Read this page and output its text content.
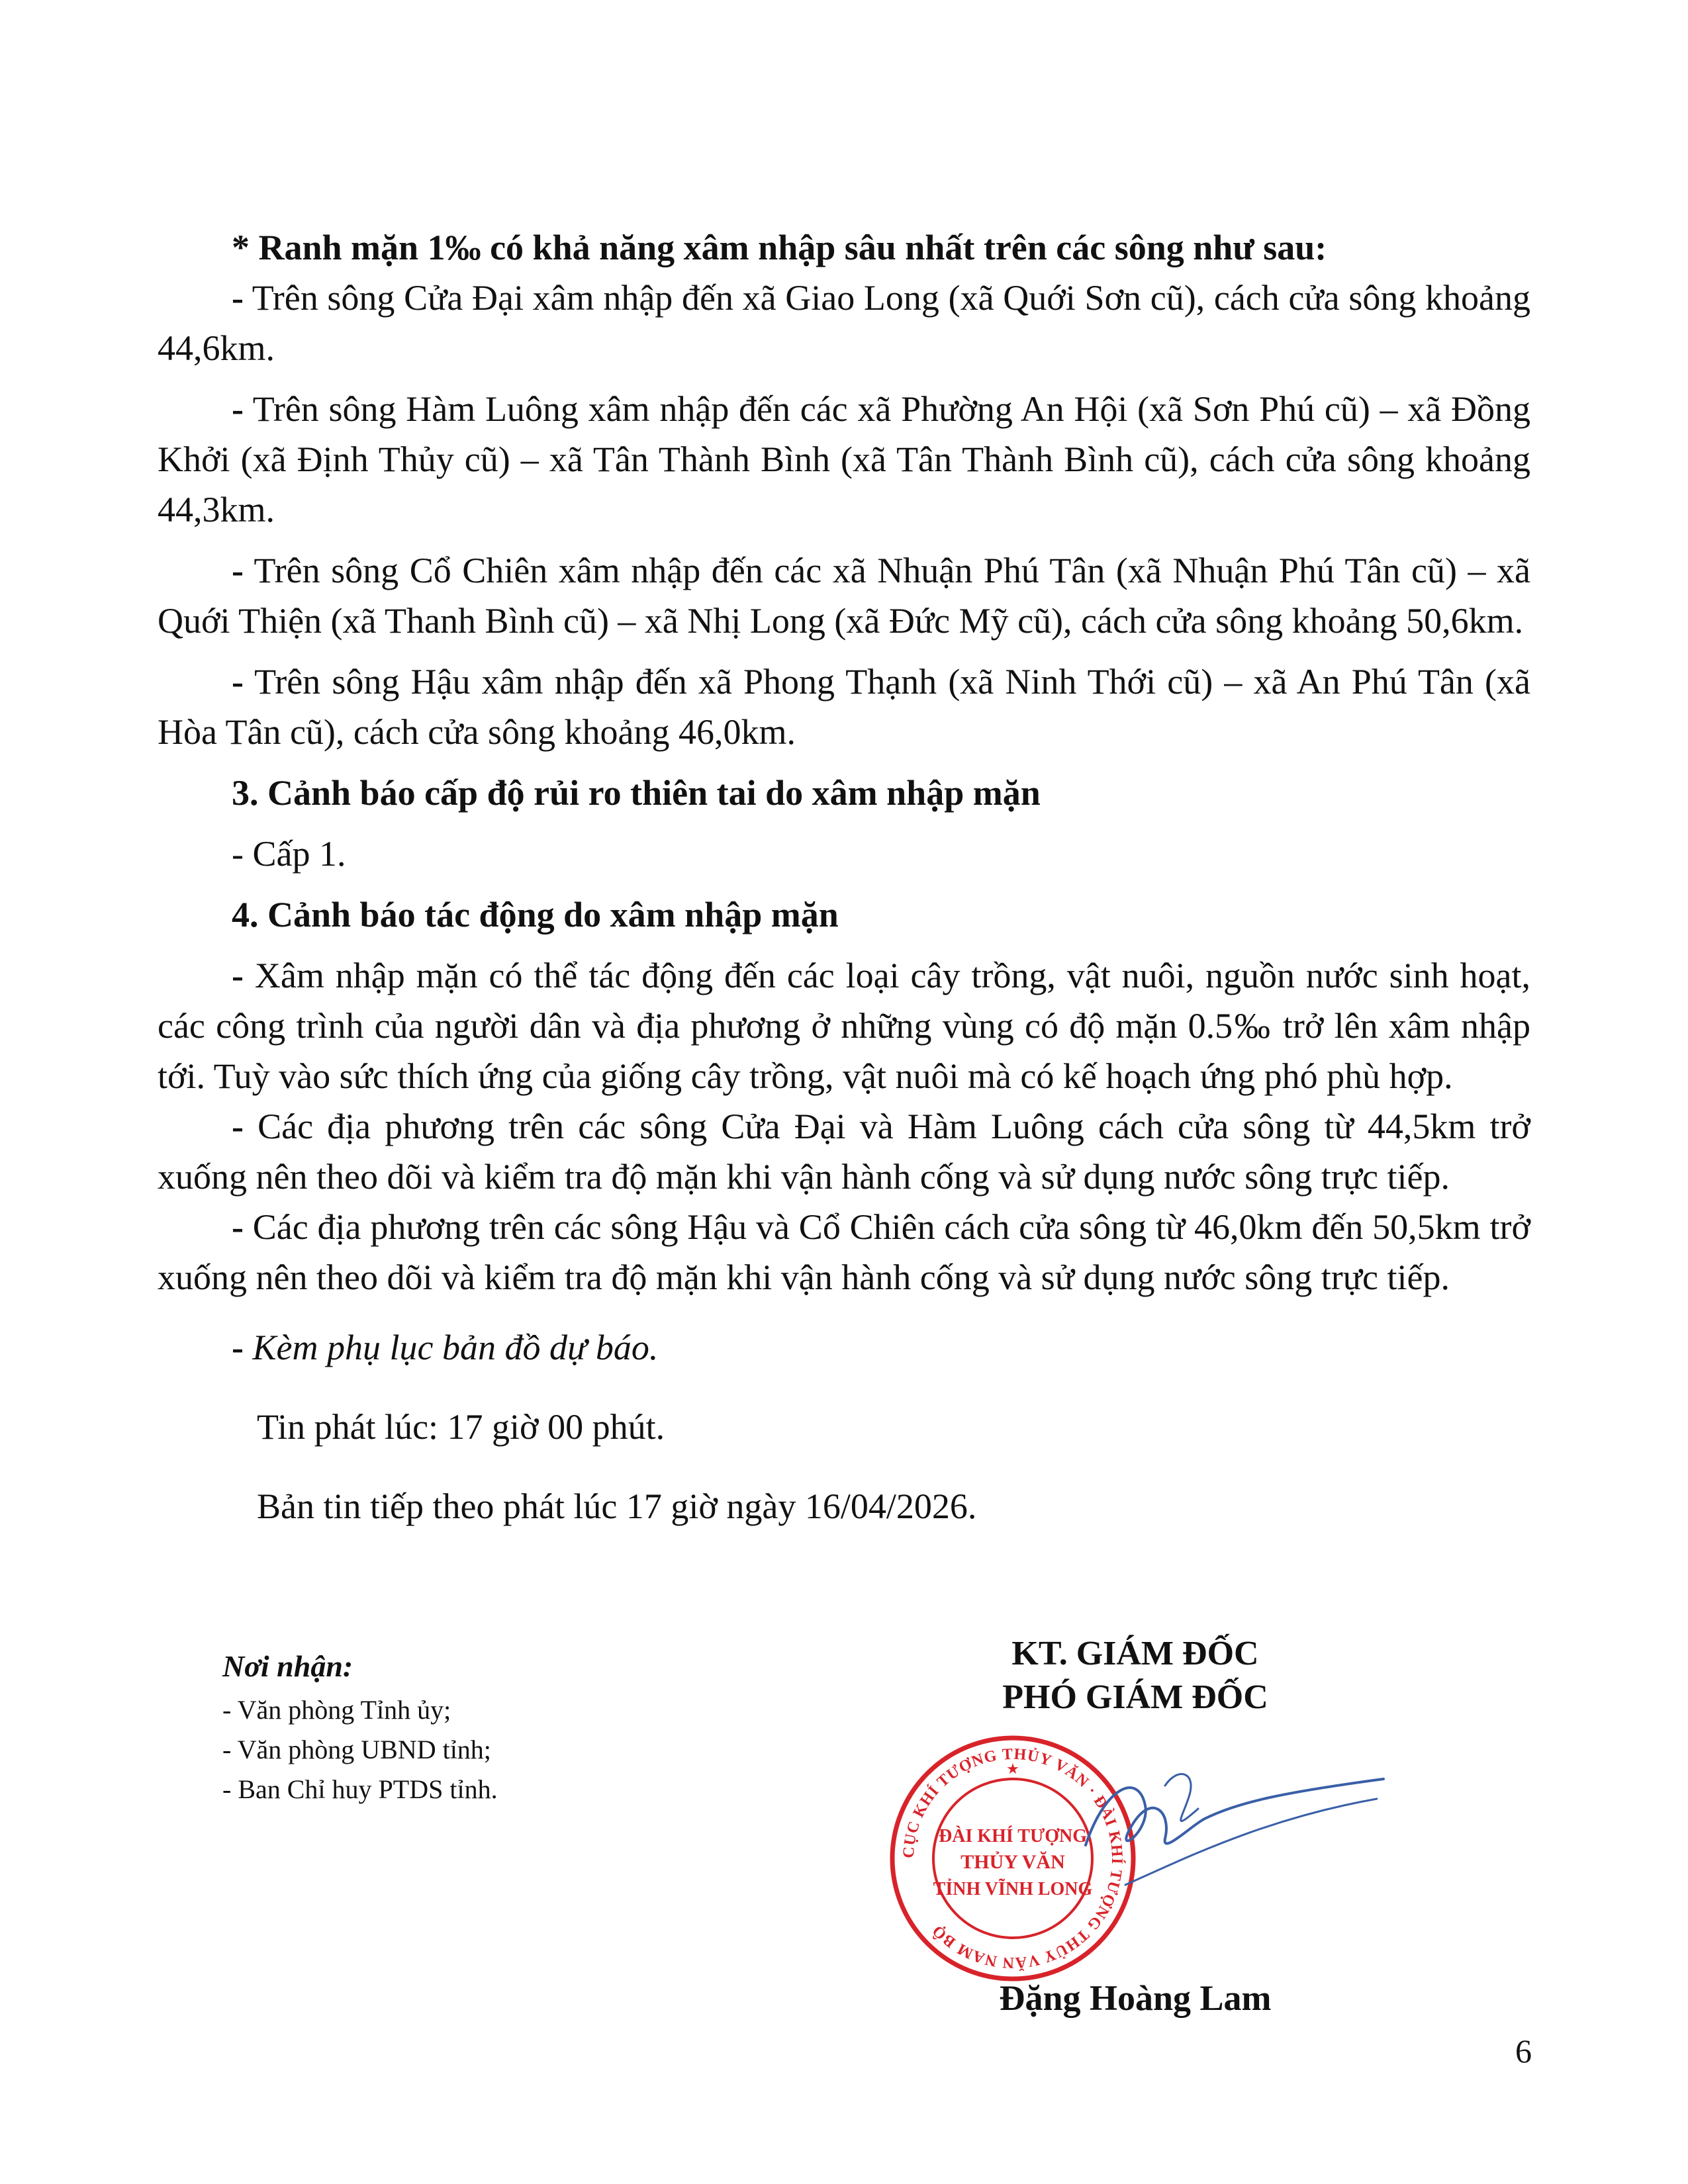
* Ranh mặn 1‰ có khả năng xâm nhập sâu nhất trên các sông như sau:

- Trên sông Cửa Đại xâm nhập đến xã Giao Long (xã Quới Sơn cũ), cách cửa sông khoảng 44,6km.

- Trên sông Hàm Luông xâm nhập đến các xã Phường An Hội (xã Sơn Phú cũ) – xã Đồng Khởi (xã Định Thủy cũ) – xã Tân Thành Bình (xã Tân Thành Bình cũ), cách cửa sông khoảng 44,3km.

- Trên sông Cổ Chiên xâm nhập đến các xã Nhuận Phú Tân (xã Nhuận Phú Tân cũ) – xã Quới Thiện (xã Thanh Bình cũ) – xã Nhị Long (xã Đức Mỹ cũ), cách cửa sông khoảng 50,6km.

- Trên sông Hậu xâm nhập đến xã Phong Thạnh (xã Ninh Thới cũ) – xã An Phú Tân (xã Hòa Tân cũ), cách cửa sông khoảng 46,0km.

3. Cảnh báo cấp độ rủi ro thiên tai do xâm nhập mặn

- Cấp 1.

4. Cảnh báo tác động do xâm nhập mặn

- Xâm nhập mặn có thể tác động đến các loại cây trồng, vật nuôi, nguồn nước sinh hoạt, các công trình của người dân và địa phương ở những vùng có độ mặn 0.5‰ trở lên xâm nhập tới. Tuỳ vào sức thích ứng của giống cây trồng, vật nuôi mà có kế hoạch ứng phó phù hợp.

- Các địa phương trên các sông Cửa Đại và Hàm Luông cách cửa sông từ 44,5km trở xuống nên theo dõi và kiểm tra độ mặn khi vận hành cống và sử dụng nước sông trực tiếp.

- Các địa phương trên các sông Hậu và Cổ Chiên cách cửa sông từ 46,0km đến 50,5km trở xuống nên theo dõi và kiểm tra độ mặn khi vận hành cống và sử dụng nước sông trực tiếp.

- Kèm phụ lục bản đồ dự báo.

Tin phát lúc: 17 giờ 00 phút.

Bản tin tiếp theo phát lúc 17 giờ ngày 16/04/2026.

Nơi nhận:
- Văn phòng Tỉnh ủy;
- Văn phòng UBND tỉnh;
- Ban Chỉ huy PTDS tỉnh.
KT. GIÁM ĐỐC
PHÓ GIÁM ĐỐC
CỤC KHÍ TƯỢNG THỦY VĂN · ĐÀI KHÍ TƯỢNG THỦY VĂN NAM BỘ
ĐÀI KHÍ TƯỢNG
THỦY VĂN
TỈNH VĨNH LONG
★
Đặng Hoàng Lam
6
